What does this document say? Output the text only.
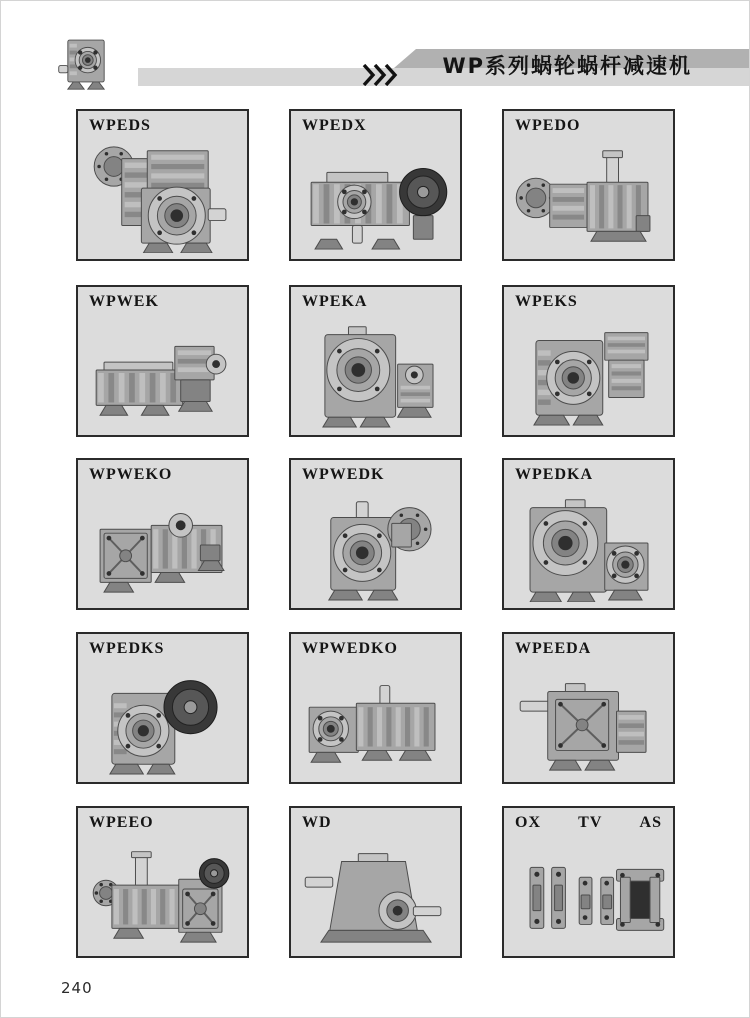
WP系列蜗轮蜗杆减速机
WPEDS	WPEDX	WPEDO
WPWEK	WPEKA	WPEKS
WPWEKO	WPWEDK	WPEDKA
WPEDKS	WPWEDKO	WPEEDA
WPEEO	WD	OX TV AS
240
